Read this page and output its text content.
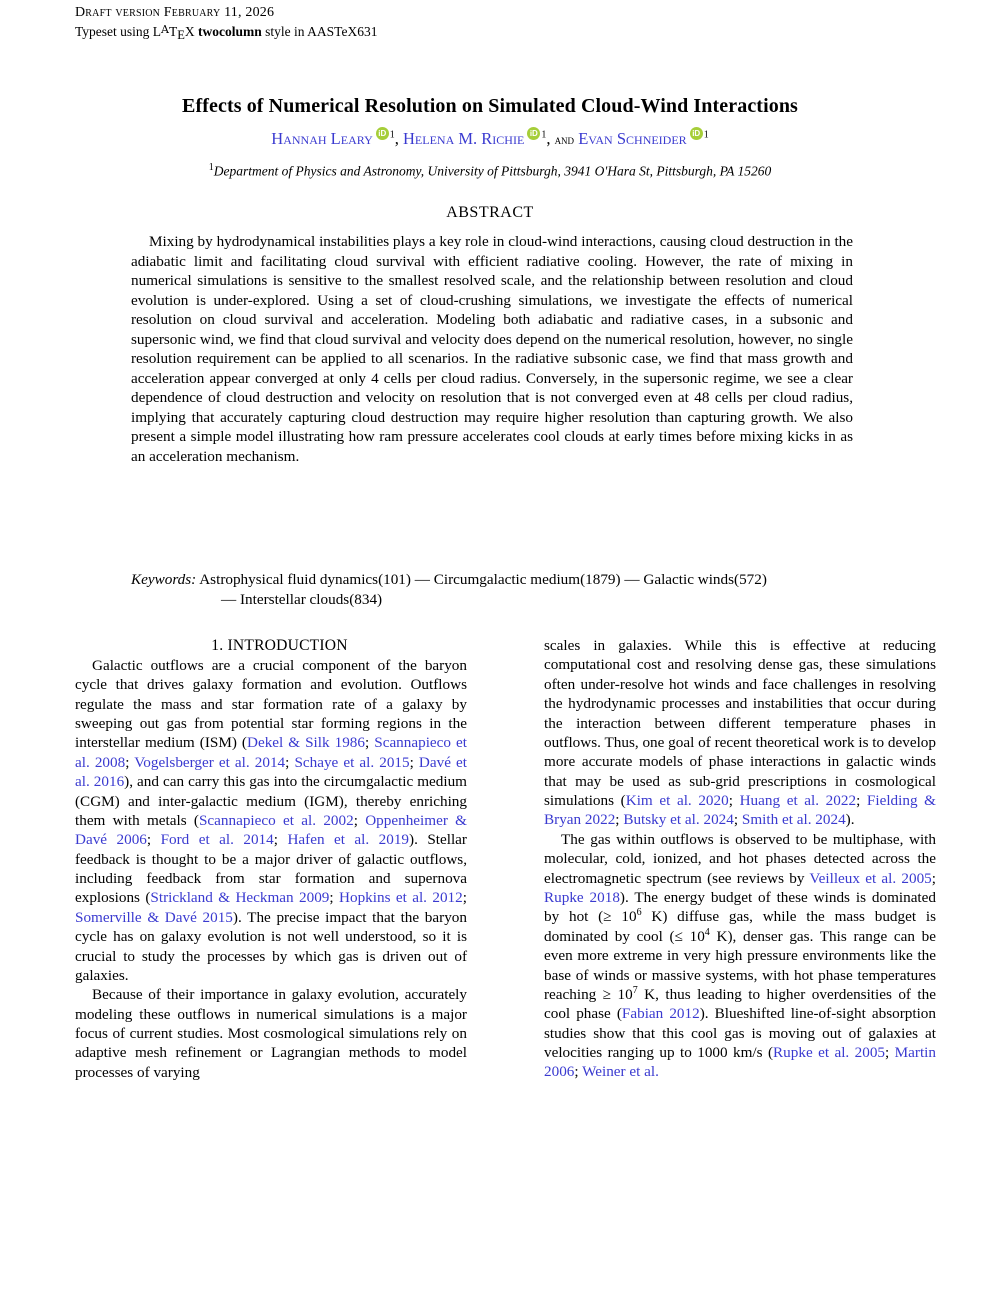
Draft version February 11, 2026
Typeset using $L^ATEX$ twocolumn style in AASTeX631
Effects of Numerical Resolution on Simulated Cloud-Wind Interactions
Hannah Leary iD $^1$, Helena M. Richie iD $^1$, and Evan Schneider iD $^1$
$^1$Department of Physics and Astronomy, University of Pittsburgh, 3941 O'Hara St, Pittsburgh, PA 15260
ABSTRACT

Mixing by hydrodynamical instabilities plays a key role in cloud-wind interactions, causing cloud destruction in the adiabatic limit and facilitating cloud survival with efficient radiative cooling. However, the rate of mixing in numerical simulations is sensitive to the smallest resolved scale, and the relationship between resolution and cloud evolution is under-explored. Using a set of cloud-crushing simulations, we investigate the effects of numerical resolution on cloud survival and acceleration. Modeling both adiabatic and radiative cases, in a subsonic and supersonic wind, we find that cloud survival and velocity does depend on the numerical resolution, however, no single resolution requirement can be applied to all scenarios. In the radiative subsonic case, we find that mass growth and acceleration appear converged at only 4 cells per cloud radius. Conversely, in the supersonic regime, we see a clear dependence of cloud destruction and velocity on resolution that is not converged even at 48 cells per cloud radius, implying that accurately capturing cloud destruction may require higher resolution than capturing growth. We also present a simple model illustrating how ram pressure accelerates cool clouds at early times before mixing kicks in as an acceleration mechanism.

Keywords: Astrophysical fluid dynamics(101) — Circumgalactic medium(1879) — Galactic winds(572)
— Interstellar clouds(834)

1. INTRODUCTION

Galactic outflows are a crucial component of the baryon cycle that drives galaxy formation and evolution. Outflows regulate the mass and star formation rate of a galaxy by sweeping out gas from potential star forming regions in the interstellar medium (ISM) (Dekel & Silk 1986; Scannapieco et al. 2008; Vogelsberger et al. 2014; Schaye et al. 2015; Davé et al. 2016), and can carry this gas into the circumgalactic medium (CGM) and inter-galactic medium (IGM), thereby enriching them with metals (Scannapieco et al. 2002; Oppenheimer & Davé 2006; Ford et al. 2014; Hafen et al. 2019). Stellar feedback is thought to be a major driver of galactic outflows, including feedback from star formation and supernova explosions (Strickland & Heckman 2009; Hopkins et al. 2012; Somerville & Davé 2015). The precise impact that the baryon cycle has on galaxy evolution is not well understood, so it is crucial to study the processes by which gas is driven out of galaxies.

Because of their importance in galaxy evolution, accurately modeling these outflows in numerical simulations is a major focus of current studies. Most cosmological simulations rely on adaptive mesh refinement or Lagrangian methods to model processes of varying

scales in galaxies. While this is effective at reducing computational cost and resolving dense gas, these simulations often under-resolve hot winds and face challenges in resolving the hydrodynamic processes and instabilities that occur during the interaction between different temperature phases in outflows. Thus, one goal of recent theoretical work is to develop more accurate models of phase interactions in galactic winds that may be used as sub-grid prescriptions in cosmological simulations (Kim et al. 2020; Huang et al. 2022; Fielding & Bryan 2022; Butsky et al. 2024; Smith et al. 2024).

The gas within outflows is observed to be multiphase, with molecular, cold, ionized, and hot phases detected across the electromagnetic spectrum (see reviews by Veilleux et al. 2005; Rupke 2018). The energy budget of these winds is dominated by hot (≥ $10^6$ K) diffuse gas, while the mass budget is dominated by cool (≤ $10^4$ K), denser gas. This range can be even more extreme in very high pressure environments like the base of winds or massive systems, with hot phase temperatures reaching ≥ $10^7$ K, thus leading to higher overdensities of the cool phase (Fabian 2012). Blueshifted line-of-sight absorption studies show that this cool gas is moving out of galaxies at velocities ranging up to 1000 km/s (Rupke et al. 2005; Martin 2006; Weiner et al.
